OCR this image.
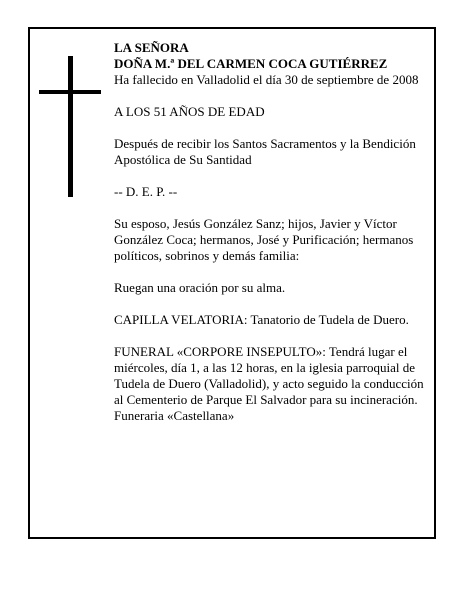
LA SEÑORA

DOÑA M.ª DEL CARMEN COCA GUTIÉRREZ

Ha fallecido en Valladolid el día 30 de septiembre de 2008

A LOS 51 AÑOS DE EDAD

Después de recibir los Santos Sacramentos y la Bendición Apostólica de Su Santidad

-- D. E. P. --

Su esposo, Jesús González Sanz; hijos, Javier y Víctor González Coca; hermanos, José y Purificación; hermanos políticos, sobrinos y demás familia:

Ruegan una oración por su alma.

CAPILLA VELATORIA: Tanatorio de Tudela de Duero.

FUNERAL «CORPORE INSEPULTO»: Tendrá lugar el miércoles, día 1, a las 12 horas, en la iglesia parroquial de Tudela de Duero (Valladolid), y acto seguido la conducción al Cementerio de Parque El Salvador para su incineración.

Funeraria «Castellana»
